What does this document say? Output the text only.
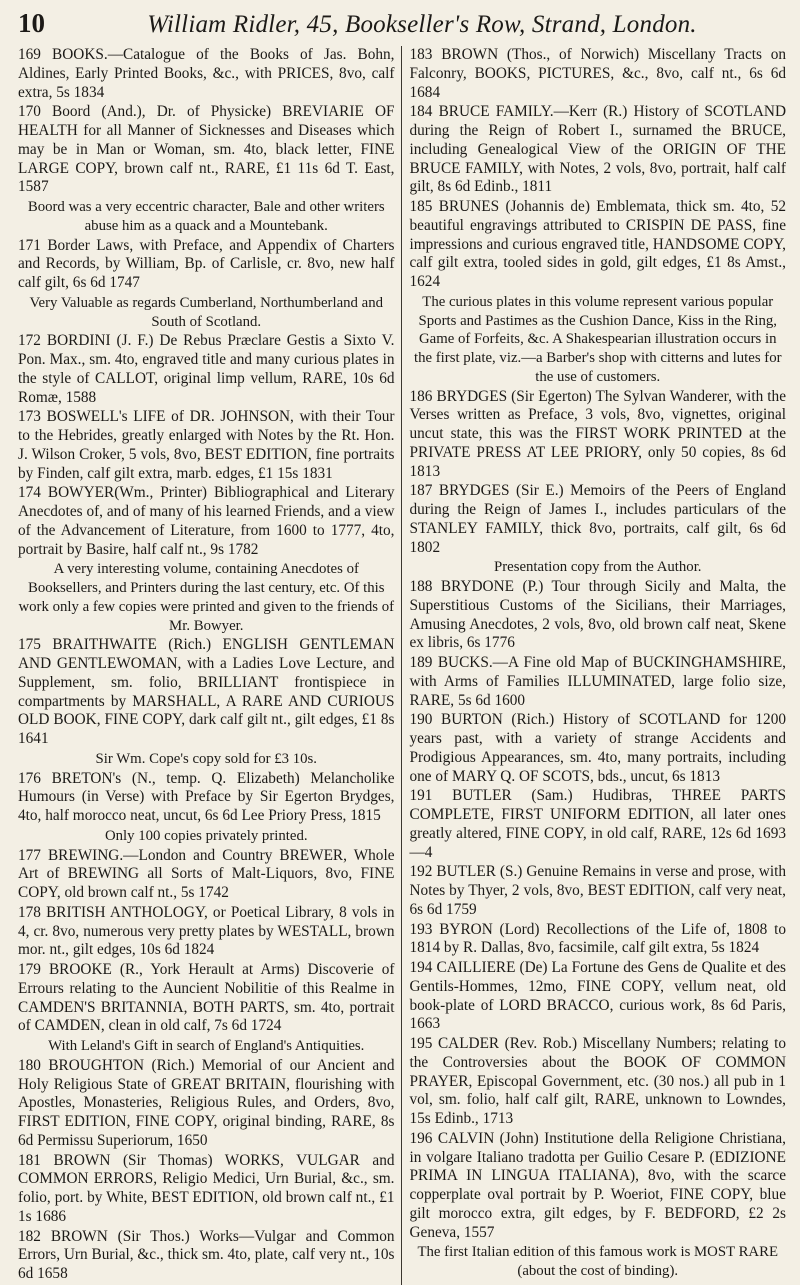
10	William Ridler, 45, Bookseller's Row, Strand, London.

169 BOOKS.—Catalogue of the Books of Jas. Bohn, Aldines, Early Printed Books, &c., with PRICES, 8vo, calf extra, 5s 1834

170 Boord (And.), Dr. of Physicke) BREVIARIE OF HEALTH for all Manner of Sicknesses and Diseases which may be in Man or Woman, sm. 4to, black letter, FINE LARGE COPY, brown calf nt., RARE, £1 11s 6d T. East, 1587

Boord was a very eccentric character, Bale and other writers abuse him as a quack and a Mountebank.

171 Border Laws, with Preface, and Appendix of Charters and Records, by William, Bp. of Carlisle, cr. 8vo, new half calf gilt, 6s 6d 1747

Very Valuable as regards Cumberland, Northumberland and South of Scotland.

172 BORDINI (J. F.) De Rebus Præclare Gestis a Sixto V. Pon. Max., sm. 4to, engraved title and many curious plates in the style of CALLOT, original limp vellum, RARE, 10s 6d Romæ, 1588

173 BOSWELL's LIFE of DR. JOHNSON, with their Tour to the Hebrides, greatly enlarged with Notes by the Rt. Hon. J. Wilson Croker, 5 vols, 8vo, BEST EDITION, fine portraits by Finden, calf gilt extra, marb. edges, £1 15s 1831

174 BOWYER(Wm., Printer) Bibliographical and Literary Anecdotes of, and of many of his learned Friends, and a view of the Advancement of Literature, from 1600 to 1777, 4to, portrait by Basire, half calf nt., 9s 1782

A very interesting volume, containing Anecdotes of Booksellers, and Printers during the last century, etc. Of this work only a few copies were printed and given to the friends of Mr. Bowyer.

175 BRAITHWAITE (Rich.) ENGLISH GENTLEMAN AND GENTLEWOMAN, with a Ladies Love Lecture, and Supplement, sm. folio, BRILLIANT frontispiece in compartments by MARSHALL, A RARE AND CURIOUS OLD BOOK, FINE COPY, dark calf gilt nt., gilt edges, £1 8s 1641

Sir Wm. Cope's copy sold for £3 10s.

176 BRETON's (N., temp. Q. Elizabeth) Melancholike Humours (in Verse) with Preface by Sir Egerton Brydges, 4to, half morocco neat, uncut, 6s 6d Lee Priory Press, 1815

Only 100 copies privately printed.

177 BREWING.—London and Country BREWER, Whole Art of BREWING all Sorts of Malt-Liquors, 8vo, FINE COPY, old brown calf nt., 5s 1742

178 BRITISH ANTHOLOGY, or Poetical Library, 8 vols in 4, cr. 8vo, numerous very pretty plates by WESTALL, brown mor. nt., gilt edges, 10s 6d 1824

179 BROOKE (R., York Herault at Arms) Discoverie of Errours relating to the Auncient Nobilitie of this Realme in CAMDEN'S BRITANNIA, BOTH PARTS, sm. 4to, portrait of CAMDEN, clean in old calf, 7s 6d 1724

With Leland's Gift in search of England's Antiquities.

180 BROUGHTON (Rich.) Memorial of our Ancient and Holy Religious State of GREAT BRITAIN, flourishing with Apostles, Monasteries, Religious Rules, and Orders, 8vo, FIRST EDITION, FINE COPY, original binding, RARE, 8s 6d Permissu Superiorum, 1650

181 BROWN (Sir Thomas) WORKS, VULGAR and COMMON ERRORS, Religio Medici, Urn Burial, &c., sm. folio, port. by White, BEST EDITION, old brown calf nt., £1 1s 1686

182 BROWN (Sir Thos.) Works—Vulgar and Common Errors, Urn Burial, &c., thick sm. 4to, plate, calf very nt., 10s 6d 1658

183 BROWN (Thos., of Norwich) Miscellany Tracts on Falconry, BOOKS, PICTURES, &c., 8vo, calf nt., 6s 6d 1684

184 BRUCE FAMILY.—Kerr (R.) History of SCOTLAND during the Reign of Robert I., surnamed the BRUCE, including Genealogical View of the ORIGIN OF THE BRUCE FAMILY, with Notes, 2 vols, 8vo, portrait, half calf gilt, 8s 6d Edinb., 1811

185 BRUNES (Johannis de) Emblemata, thick sm. 4to, 52 beautiful engravings attributed to CRISPIN DE PASS, fine impressions and curious engraved title, HANDSOME COPY, calf gilt extra, tooled sides in gold, gilt edges, £1 8s Amst., 1624

The curious plates in this volume represent various popular Sports and Pastimes as the Cushion Dance, Kiss in the Ring, Game of Forfeits, &c. A Shakespearian illustration occurs in the first plate, viz.—a Barber's shop with citterns and lutes for the use of customers.

186 BRYDGES (Sir Egerton) The Sylvan Wanderer, with the Verses written as Preface, 3 vols, 8vo, vignettes, original uncut state, this was the FIRST WORK PRINTED at the PRIVATE PRESS AT LEE PRIORY, only 50 copies, 8s 6d 1813

187 BRYDGES (Sir E.) Memoirs of the Peers of England during the Reign of James I., includes particulars of the STANLEY FAMILY, thick 8vo, portraits, calf gilt, 6s 6d 1802

Presentation copy from the Author.

188 BRYDONE (P.) Tour through Sicily and Malta, the Superstitious Customs of the Sicilians, their Marriages, Amusing Anecdotes, 2 vols, 8vo, old brown calf neat, Skene ex libris, 6s 1776

189 BUCKS.—A Fine old Map of BUCKINGHAMSHIRE, with Arms of Families ILLUMINATED, large folio size, RARE, 5s 6d 1600

190 BURTON (Rich.) History of SCOTLAND for 1200 years past, with a variety of strange Accidents and Prodigious Appearances, sm. 4to, many portraits, including one of MARY Q. OF SCOTS, bds., uncut, 6s 1813

191 BUTLER (Sam.) Hudibras, THREE PARTS COMPLETE, FIRST UNIFORM EDITION, all later ones greatly altered, FINE COPY, in old calf, RARE, 12s 6d 1693—4

192 BUTLER (S.) Genuine Remains in verse and prose, with Notes by Thyer, 2 vols, 8vo, BEST EDITION, calf very neat, 6s 6d 1759

193 BYRON (Lord) Recollections of the Life of, 1808 to 1814 by R. Dallas, 8vo, facsimile, calf gilt extra, 5s 1824

194 CAILLIERE (De) La Fortune des Gens de Qualite et des Gentils-Hommes, 12mo, FINE COPY, vellum neat, old book-plate of LORD BRACCO, curious work, 8s 6d Paris, 1663

195 CALDER (Rev. Rob.) Miscellany Numbers; relating to the Controversies about the BOOK OF COMMON PRAYER, Episcopal Government, etc. (30 nos.) all pub in 1 vol, sm. folio, half calf gilt, RARE, unknown to Lowndes, 15s Edinb., 1713

196 CALVIN (John) Institutione della Religione Christiana, in volgare Italiano tradotta per Guilio Cesare P. (EDIZIONE PRIMA IN LINGUA ITALIANA), 8vo, with the scarce copperplate oval portrait by P. Woeriot, FINE COPY, blue gilt morocco extra, gilt edges, by F. BEDFORD, £2 2s Geneva, 1557

The first Italian edition of this famous work is MOST RARE (about the cost of binding).
